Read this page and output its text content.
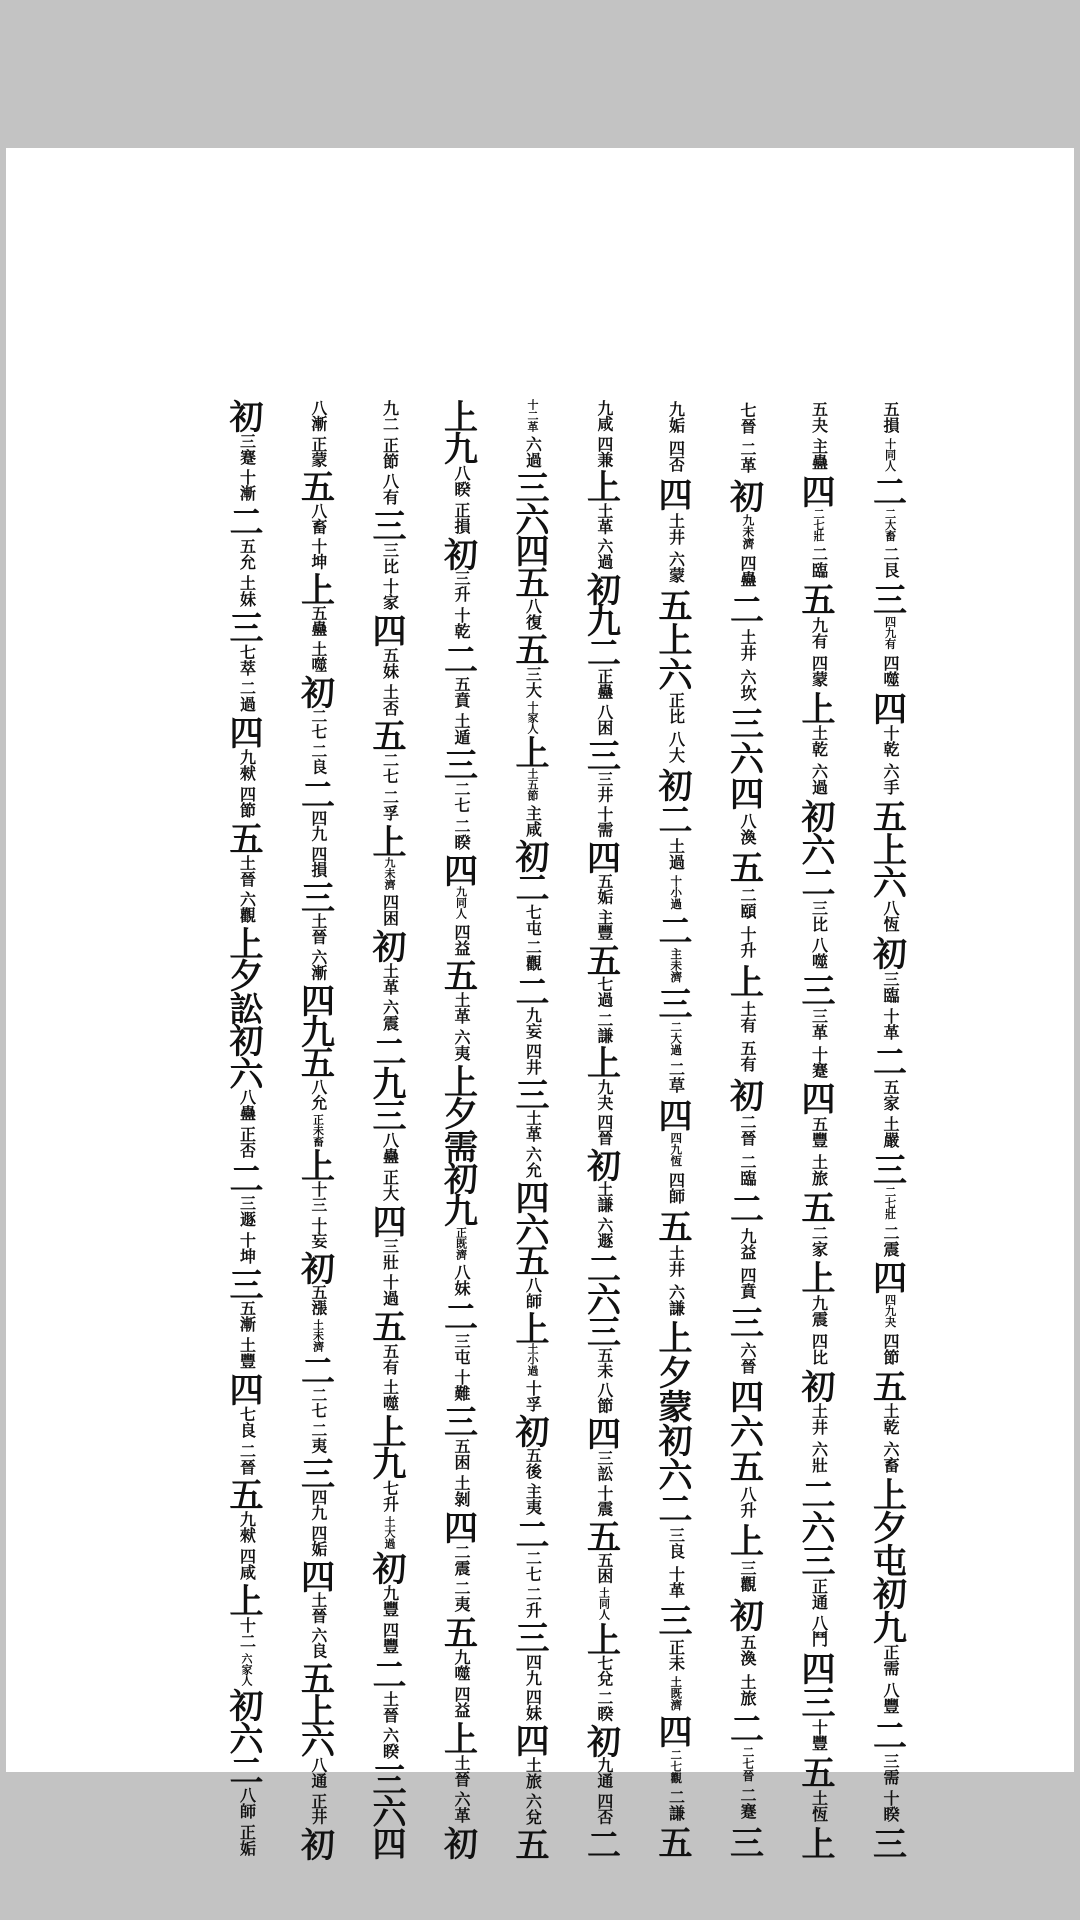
五損
十同人
二
二大畜
二艮
三
四九有
四噬
四
十乾
六手
五
上
六
八恆
初
三臨
十革
二
五家
土嚴
三
二七壯
二震
四
四九夬
四節
五
土乾
六畜
上
夕
屯
初
九
正需
八豐
二
三需
十睽
三
五夬
主蠱
四
二七壯
二臨
五
九有
四蒙
上
土乾
六過
初
六
二
三比
八噬
三
三革
十蹇
四
五豐
土旅
五
二家
上
九震
四比
初
土井
六壯
二
六
三
正通
八鬥
四
三
十豐
五
土恆
上
七晉
二革
初
九未濟
四蠱
二
土井
六坎
三
六
四
八渙
五
二頤
十升
上
土有
五有
初
二晉
二臨
二
九益
四賁
三
六晉
四
六
五
八升
上
三觀
初
五渙
土旅
二
二七晉
二蹇
三
九姤
四否
四
土井
六蒙
五
上
六
正比
八大
初
二
土過
十小過
二
主未濟
三
二大過
二草
四
四九恆
四師
五
土井
六謙
上
夕
蒙
初
六
二
三良
十革
三
正未
土既濟
四
二七觀
二謙
五
九咸
四兼
上
土革
六過
初
九
二
正蠱
八困
三
三井
十需
四
五姤
主豐
五
七過
二謙
上
九夬
四晉
初
土謙
六遯
二
六
三
五未
八節
四
三訟
十震
五
五困
土同人
上
七兌
二睽
初
九通
四否
二
十二革
六過
三
六
四
五
八復
五
三大
十家人
上
土五節
主咸
初
二
七屯
二觀
二
九妄
四井
三
土革
六允
四
六
五
八師
上
土小過
十孚
初
五後
主夷
二
二七
二升
三
四九
四妹
四
土旅
六兌
五
上
九
八睽
正損
初
三升
十乾
二
五賁
土遁
三
二七
二睽
四
九同人
四益
五
土革
六夷
上
夕
需
初
九
正既濟
八妹
二
三屯
十難
三
五困
土剝
四
二震
二夷
五
九噬
四益
上
土晉
六革
初
九二
正節
八有
三
三比
十家
四
五妹
土否
五
二七
二孚
上
九未濟
四困
初
土革
六震
二
九
三
八蠱
正大
四
三壯
十過
五
五有
土噬
上
九
七升
土大過
初
九豐
四豐
二
土晉
六睽
三
六
四
八漸
正蒙
五
八畜
十坤
上
五蠱
土噬
初
二七
二良
二
四九
四損
三
土晉
六漸
四
九
五
八允
正未畜
上
十三
十妄
初
五漲
土未濟
二
二七
二夷
三
四九
四姤
四
土晉
六良
五
上
六
八通
正井
初
初
三蹇
十漸
二
五允
土妹
三
七萃
二過
四
九猌
四節
五
土晉
六觀
上
夕
訟
初
六
八蠱
正否
二
三遯
十坤
三
五漸
土豐
四
七良
二晉
五
九猌
四咸
上
十二
六家人
初
六
二
八師
正姤
